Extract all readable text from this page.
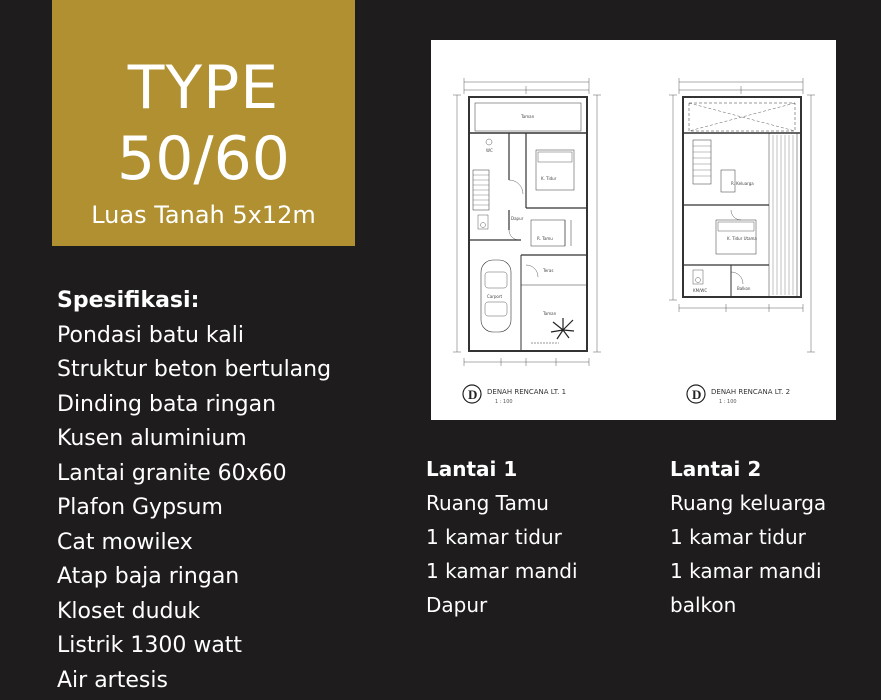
TYPE
50/60
Luas Tanah 5x12m
Spesifikasi:
Pondasi batu kali
Struktur beton bertulang
Dinding bata ringan
Kusen aluminium
Lantai granite 60x60
Plafon Gypsum
Cat mowilex
Atap baja ringan
Kloset duduk
Listrik 1300 watt
Air artesis
Taman
WC
K. Tidur
Dapur
R. Tamu
Teras
Carport
Taman
R. Keluarga
K. Tidur Utama
KM/WC	Balkon
D DENAH RENCANA LT. 1
1 : 100	D DENAH RENCANA LT. 2
1 : 100
Lantai 1
Ruang Tamu
1 kamar tidur
1 kamar mandi
Dapur
Lantai 2
Ruang keluarga
1 kamar tidur
1 kamar mandi
balkon
